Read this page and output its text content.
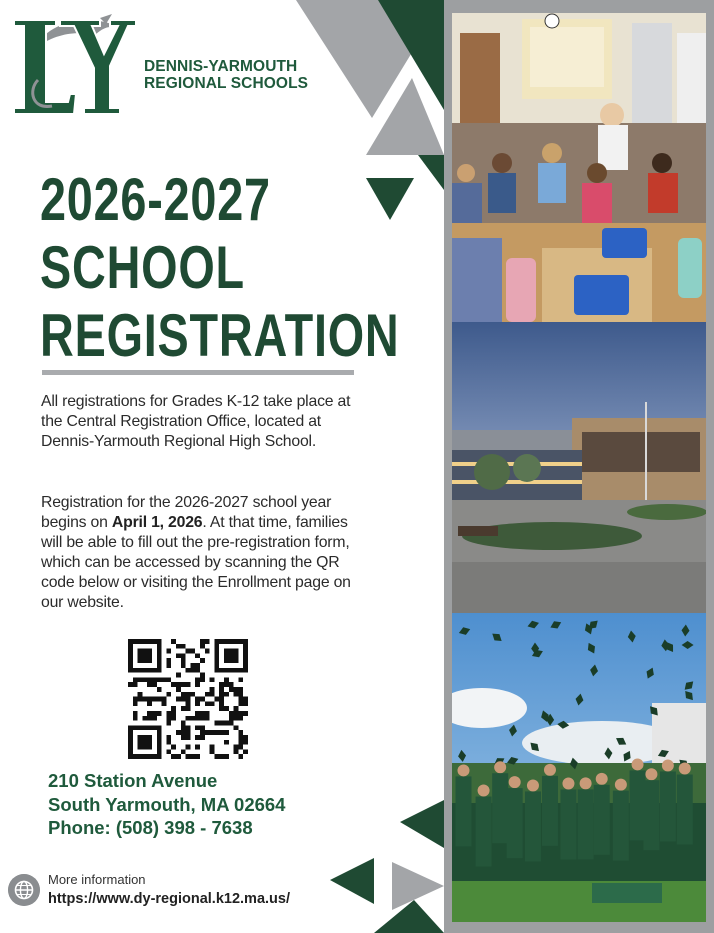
DENNIS-YARMOUTH
REGIONAL SCHOOLS
2026-2027
SCHOOL
REGISTRATION
All registrations for Grades K-12 take place at the Central Registration Office, located at Dennis-Yarmouth Regional High School.
Registration for the 2026-2027 school year begins on April 1, 2026. At that time, families will be able to fill out the pre-registration form, which can be accessed by scanning the QR code below or visiting the Enrollment page on our website.
210 Station Avenue
South Yarmouth, MA 02664
Phone: (508) 398 - 7638
More information
https://www.dy-regional.k12.ma.us/
